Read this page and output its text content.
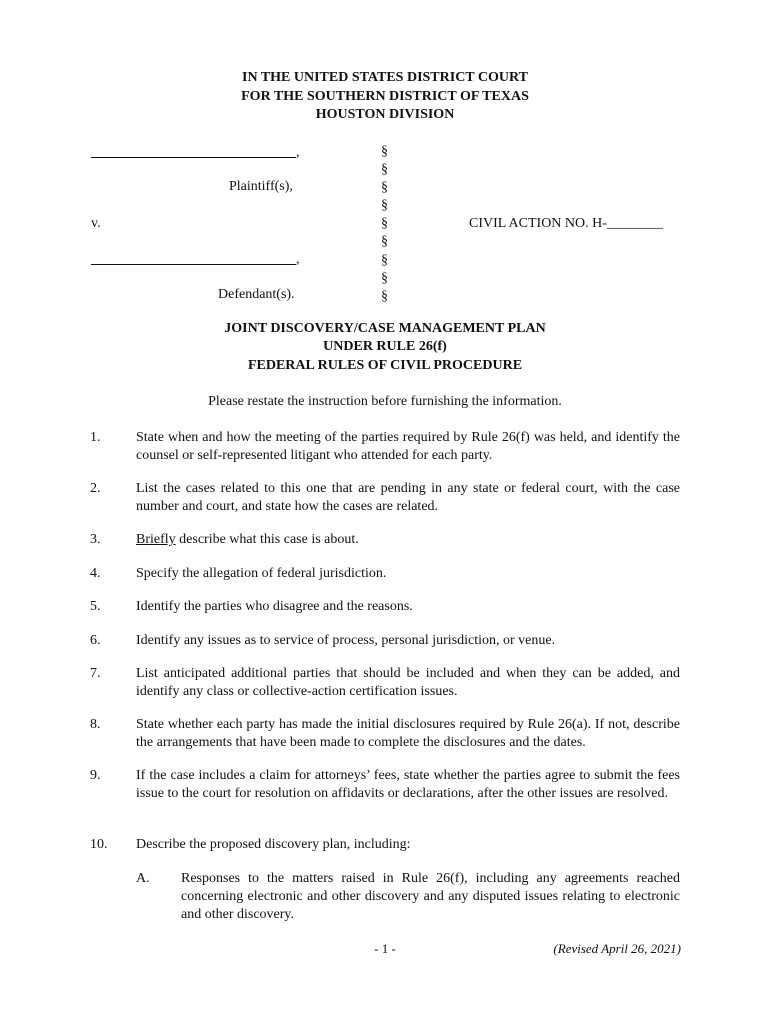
IN THE UNITED STATES DISTRICT COURT
FOR THE SOUTHERN DISTRICT OF TEXAS
HOUSTON DIVISION
,
Plaintiff(s),
v.
,
Defendant(s).
§
§
§
§
§
§
§
§
§
CIVIL ACTION NO. H-________
JOINT DISCOVERY/CASE MANAGEMENT PLAN
UNDER RULE 26(f)
FEDERAL RULES OF CIVIL PROCEDURE
Please restate the instruction before furnishing the information.
1.	State when and how the meeting of the parties required by Rule 26(f) was held, and identify the counsel or self-represented litigant who attended for each party.
2.	List the cases related to this one that are pending in any state or federal court, with the case number and court, and state how the cases are related.
3.	Briefly describe what this case is about.
4.	Specify the allegation of federal jurisdiction.
5.	Identify the parties who disagree and the reasons.
6.	Identify any issues as to service of process, personal jurisdiction, or venue.
7.	List anticipated additional parties that should be included and when they can be added, and identify any class or collective-action certification issues.
8.	State whether each party has made the initial disclosures required by Rule 26(a). If not, describe the arrangements that have been made to complete the disclosures and the dates.
9.	If the case includes a claim for attorneys’ fees, state whether the parties agree to submit the fees issue to the court for resolution on affidavits or declarations, after the other issues are resolved.
10. Describe the proposed discovery plan, including:
A. Responses to the matters raised in Rule 26(f), including any agreements reached concerning electronic and other discovery and any disputed issues relating to electronic and other discovery.
- 1 -	(Revised April 26, 2021)
